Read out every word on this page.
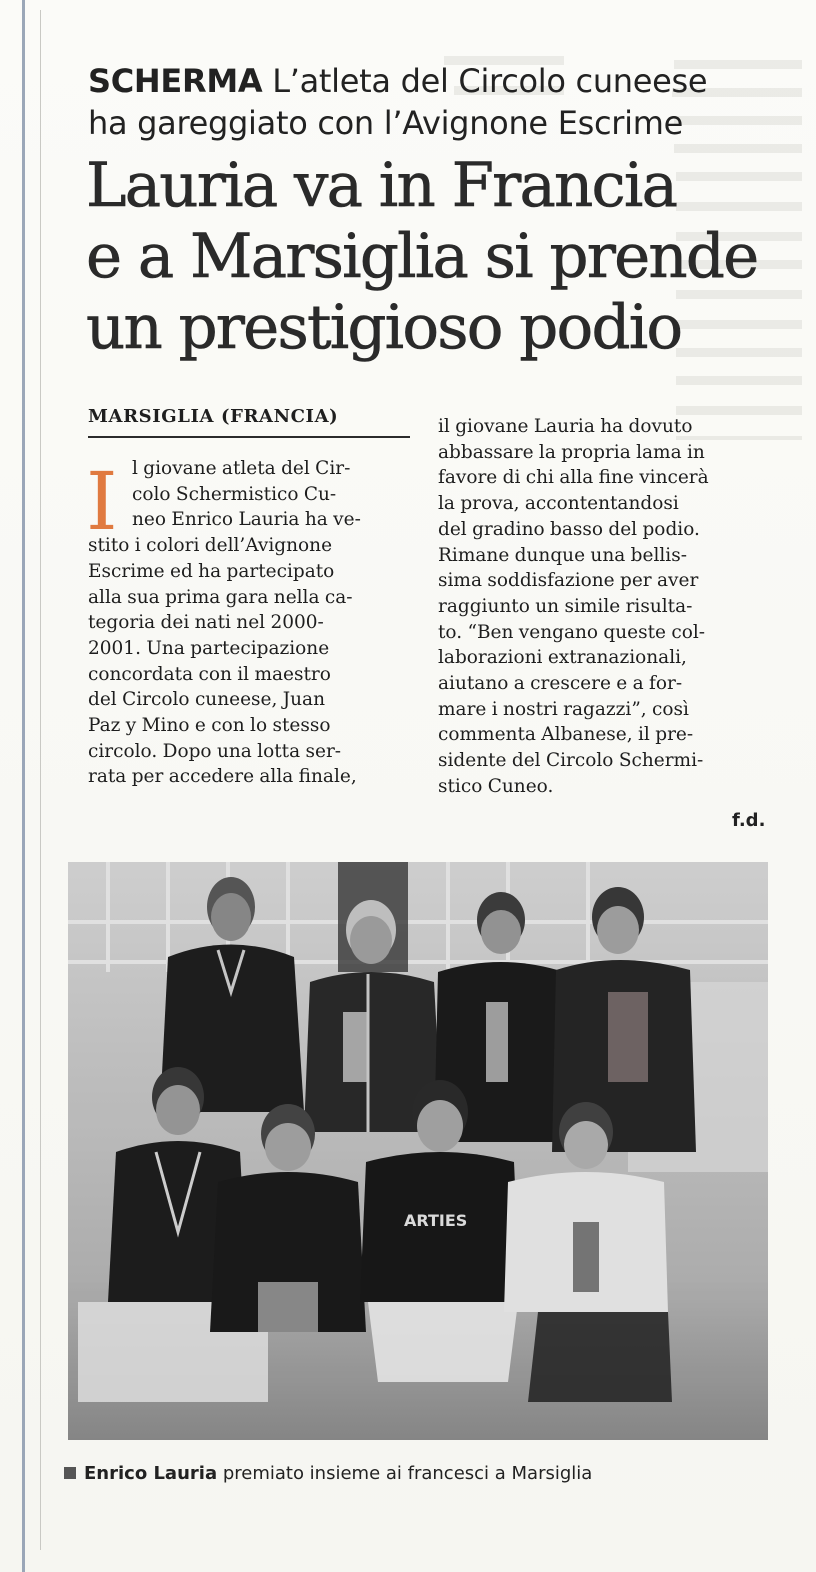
SCHERMA L’atleta del Circolo cuneese
ha gareggiato con l’Avignone Escrime
Lauria va in Francia
e a Marsiglia si prende
un prestigioso podio
MARSIGLIA (FRANCIA)
I l giovane atleta del Cir-

colo Schermistico Cu-

neo Enrico Lauria ha ve-

stito i colori dell’Avignone

Escrime ed ha partecipato

alla sua prima gara nella ca-

tegoria dei nati nel 2000-

2001. Una partecipazione

concordata con il maestro

del Circolo cuneese, Juan

Paz y Mino e con lo stesso

circolo. Dopo una lotta ser-

rata per accedere alla finale,

il giovane Lauria ha dovuto

abbassare la propria lama in

favore di chi alla fine vincerà

la prova, accontentandosi

del gradino basso del podio.

Rimane dunque una bellis-

sima soddisfazione per aver

raggiunto un simile risulta-

to. “Ben vengano queste col-

laborazioni extranazionali,

aiutano a crescere e a for-

mare i nostri ragazzi”, così

commenta Albanese, il pre-

sidente del Circolo Schermi-

stico Cuneo.

f.d.
ARTIES
Enrico Lauria premiato insieme ai francesci a Marsiglia
